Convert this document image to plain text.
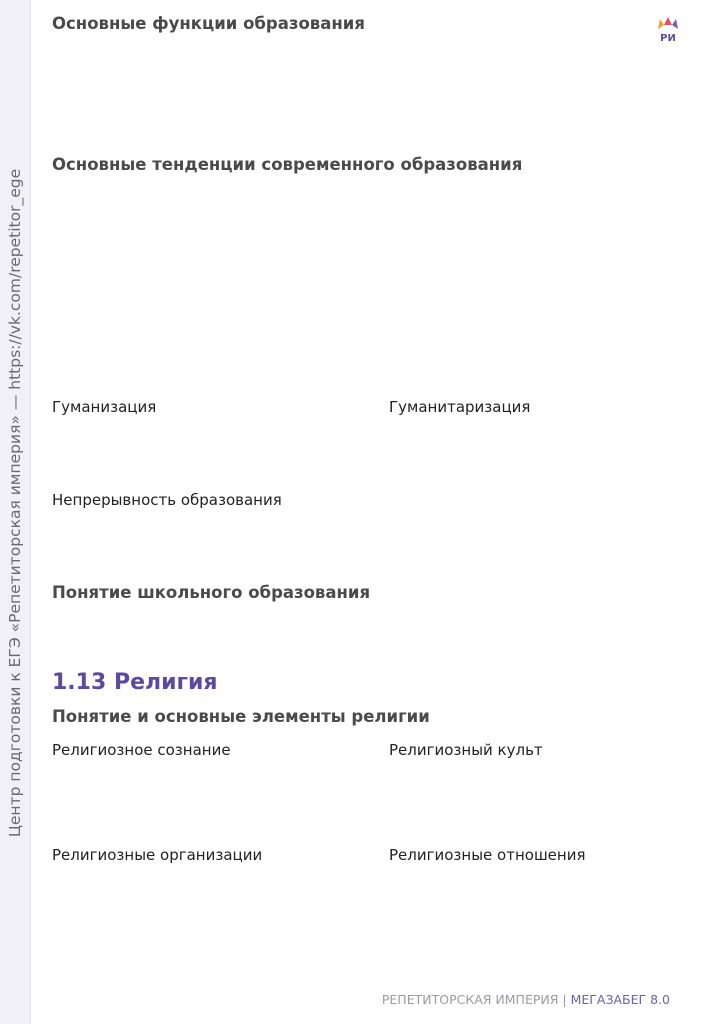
Центр подготовки к ЕГЭ «Репетиторская империя» — https://vk.com/repetitor_ege
РИ
Основные функции образования
Основные тенденции современного образования

Гуманизация	Гуманитаризация

Непрерывность образования

Понятие школьного образования
1.13 Религия
Понятие и основные элементы религии

Религиозное сознание	Религиозный культ

Религиозные организации	Религиозные отношения

РЕПЕТИТОРСКАЯ ИМПЕРИЯ | МЕГАЗАБЕГ 8.0
